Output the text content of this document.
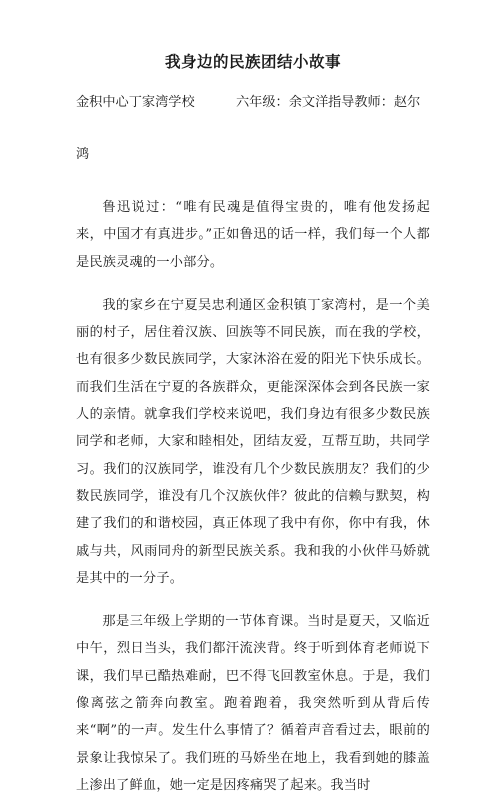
我身边的民族团结小故事
金积中心丁家湾学校	六年级：余文洋 指导教师：赵尔
鸿

鲁迅说过：“唯有民魂是值得宝贵的，唯有他发扬起来，中国才有真进步。”正如鲁迅的话一样，我们每一个人都是民族灵魂的一小部分。

我的家乡在宁夏吴忠利通区金积镇丁家湾村，是一个美丽的村子，居住着汉族、回族等不同民族，而在我的学校，也有很多少数民族同学，大家沐浴在爱的阳光下快乐成长。而我们生活在宁夏的各族群众，更能深深体会到各民族一家人的亲情。就拿我们学校来说吧，我们身边有很多少数民族同学和老师，大家和睦相处，团结友爱，互帮互助，共同学习。我们的汉族同学，谁没有几个少数民族朋友？我们的少数民族同学，谁没有几个汉族伙伴？彼此的信赖与默契，构建了我们的和谐校园，真正体现了我中有你，你中有我，休戚与共，风雨同舟的新型民族关系。我和我的小伙伴马娇就是其中的一分子。

那是三年级上学期的一节体育课。当时是夏天，又临近中午，烈日当头，我们都汗流浃背。终于听到体育老师说下课，我们早已酷热难耐，巴不得飞回教室休息。于是，我们像离弦之箭奔向教室。跑着跑着，我突然听到从背后传来“啊”的一声。发生什么事情了？循着声音看过去，眼前的景象让我惊呆了。我们班的马娇坐在地上，我看到她的膝盖上渗出了鲜血，她一定是因疼痛哭了起来。我当时
